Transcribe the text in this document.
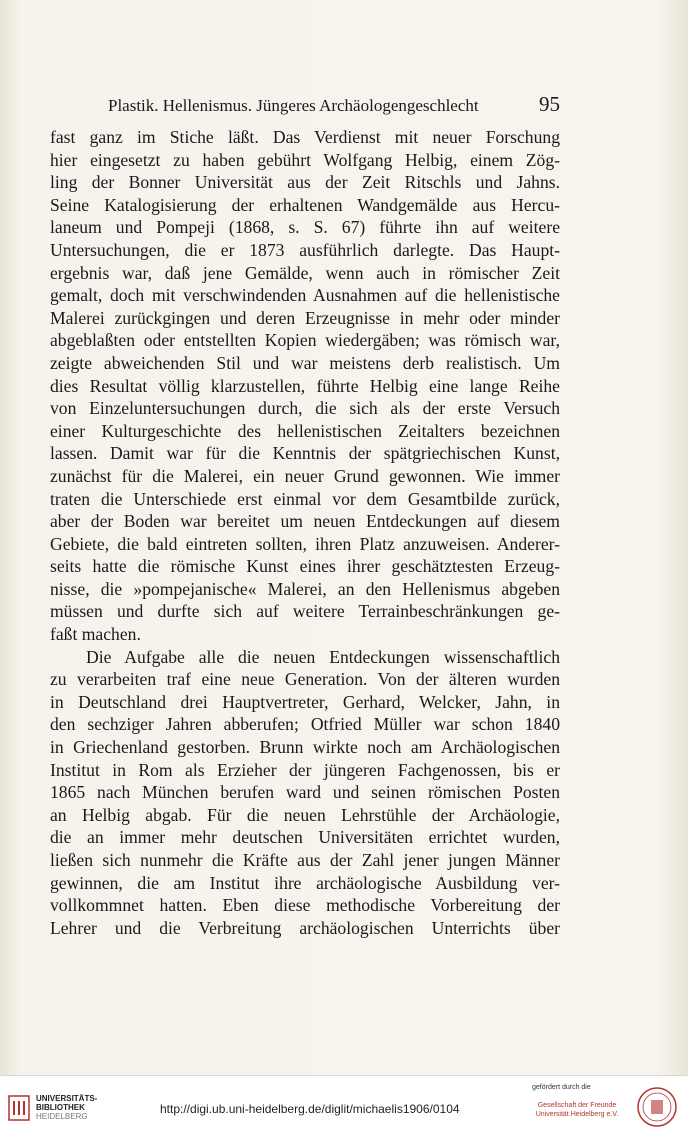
Plastik. Hellenismus. Jüngeres Archäologengeschlecht	95
fast ganz im Stiche läßt. Das Verdienst mit neuer Forschung
hier eingesetzt zu haben gebührt Wolfgang Helbig, einem Zög-
ling der Bonner Universität aus der Zeit Ritschls und Jahns.
Seine Katalogisierung der erhaltenen Wandgemälde aus Hercu-
laneum und Pompeji (1868, s. S. 67) führte ihn auf weitere
Untersuchungen, die er 1873 ausführlich darlegte. Das Haupt-
ergebnis war, daß jene Gemälde, wenn auch in römischer Zeit
gemalt, doch mit verschwindenden Ausnahmen auf die hellenistische
Malerei zurückgingen und deren Erzeugnisse in mehr oder minder
abgeblaßten oder entstellten Kopien wiedergäben; was römisch war,
zeigte abweichenden Stil und war meistens derb realistisch. Um
dies Resultat völlig klarzustellen, führte Helbig eine lange Reihe
von Einzeluntersuchungen durch, die sich als der erste Versuch
einer Kulturgeschichte des hellenistischen Zeitalters bezeichnen
lassen. Damit war für die Kenntnis der spätgriechischen Kunst,
zunächst für die Malerei, ein neuer Grund gewonnen. Wie immer
traten die Unterschiede erst einmal vor dem Gesamtbilde zurück,
aber der Boden war bereitet um neuen Entdeckungen auf diesem
Gebiete, die bald eintreten sollten, ihren Platz anzuweisen. Anderer-
seits hatte die römische Kunst eines ihrer geschätztesten Erzeug-
nisse, die »pompejanische« Malerei, an den Hellenismus abgeben
müssen und durfte sich auf weitere Terrainbeschränkungen ge-
faßt machen.
Die Aufgabe alle die neuen Entdeckungen wissenschaftlich
zu verarbeiten traf eine neue Generation. Von der älteren wurden
in Deutschland drei Hauptvertreter, Gerhard, Welcker, Jahn, in
den sechziger Jahren abberufen; Otfried Müller war schon 1840
in Griechenland gestorben. Brunn wirkte noch am Archäologischen
Institut in Rom als Erzieher der jüngeren Fachgenossen, bis er
1865 nach München berufen ward und seinen römischen Posten
an Helbig abgab. Für die neuen Lehrstühle der Archäologie,
die an immer mehr deutschen Universitäten errichtet wurden,
ließen sich nunmehr die Kräfte aus der Zahl jener jungen Männer
gewinnen, die am Institut ihre archäologische Ausbildung ver-
vollkommnet hatten. Eben diese methodische Vorbereitung der
Lehrer und die Verbreitung archäologischen Unterrichts über
UNIVERSITÄTS-
BIBLIOTHEK
HEIDELBERG
http://digi.ub.uni-heidelberg.de/diglit/michaelis1906/0104
gefördert durch die
Gesellschaft der Freunde
Universität Heidelberg e.V.
